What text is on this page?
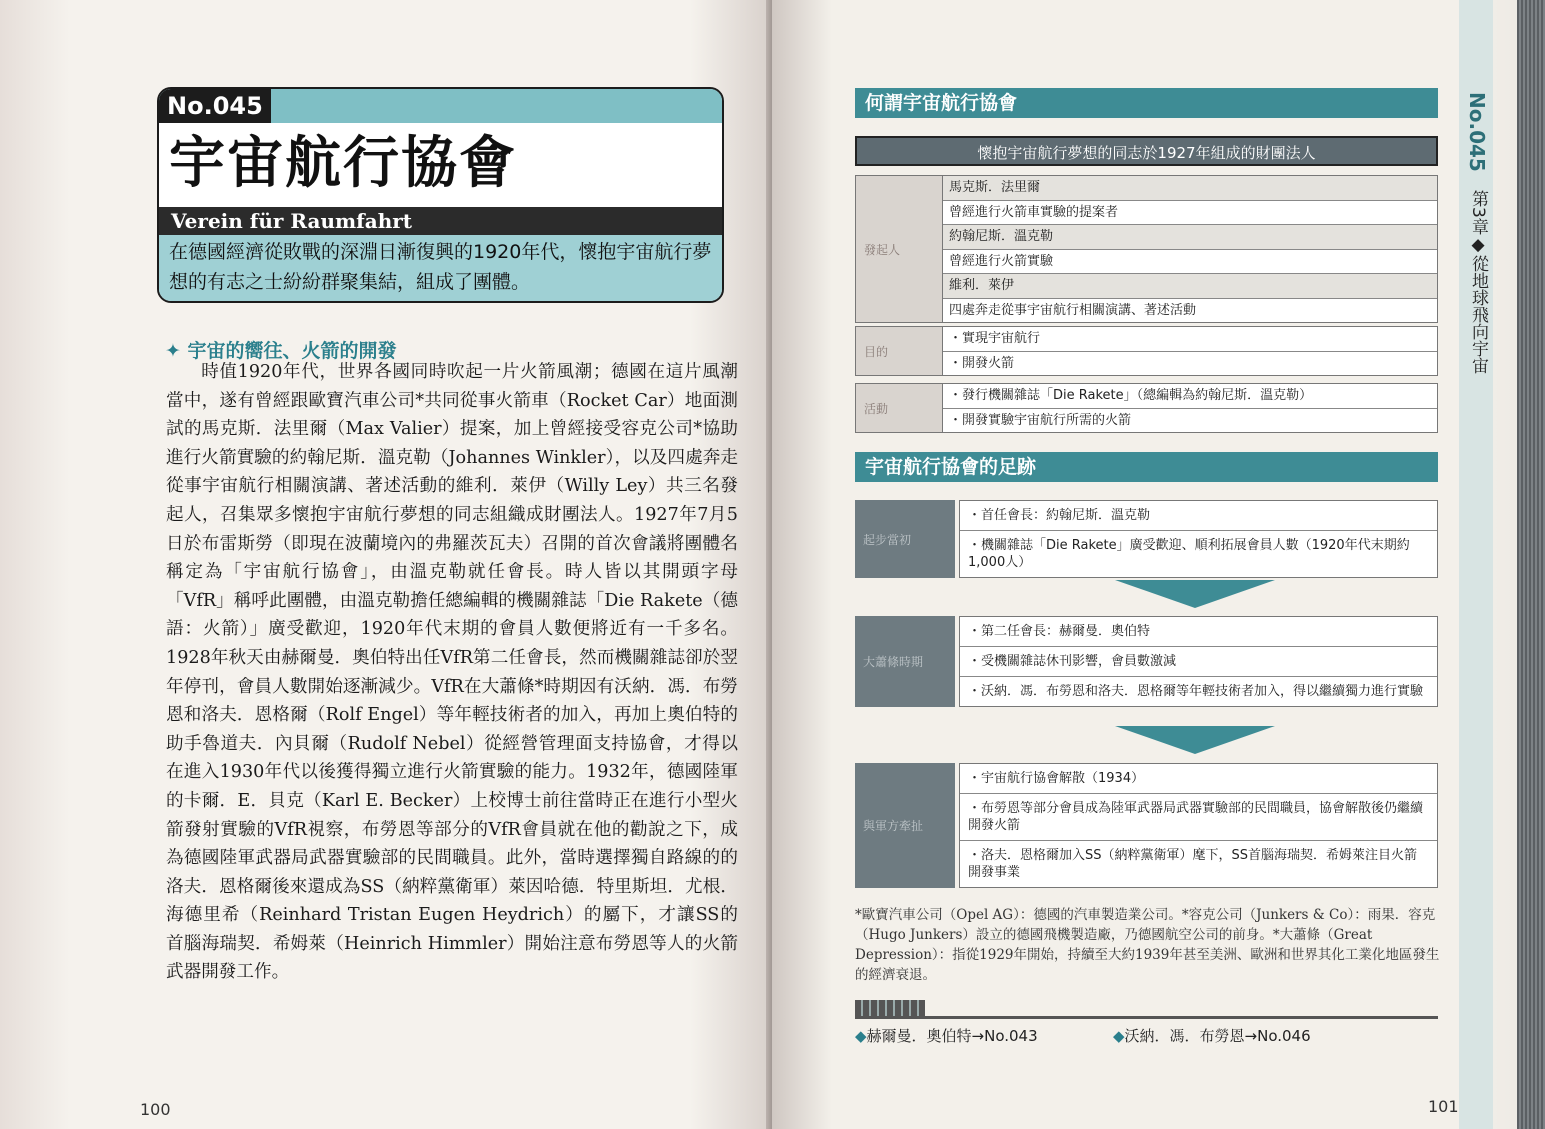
No.045
宇宙航行協會
Verein für Raumfahrt
在德國經濟從敗戰的深淵日漸復興的1920年代，懷抱宇宙航行夢想的有志之士紛紛群聚集結，組成了團體。
✦ 宇宙的嚮往、火箭的開發

時值1920年代，世界各國同時吹起一片火箭風潮；德國在這片風潮當中，遂有曾經跟歐寶汽車公司*共同從事火箭車（Rocket Car）地面測試的馬克斯．法里爾（Max Valier）提案，加上曾經接受容克公司*協助進行火箭實驗的約翰尼斯．溫克勒（Johannes Winkler），以及四處奔走從事宇宙航行相關演講、著述活動的維利．萊伊（Willy Ley）共三名發起人，召集眾多懷抱宇宙航行夢想的同志組織成財團法人。1927年7月5日於布雷斯勞（即現在波蘭境內的弗羅茨瓦夫）召開的首次會議將團體名稱定為「宇宙航行協會」，由溫克勒就任會長。時人皆以其開頭字母「VfR」稱呼此團體，由溫克勒擔任總編輯的機關雜誌「Die Rakete（德語：火箭）」廣受歡迎，1920年代末期的會員人數便將近有一千多名。1928年秋天由赫爾曼．奧伯特出任VfR第二任會長，然而機關雜誌卻於翌年停刊，會員人數開始逐漸減少。VfR在大蕭條*時期因有沃納．馮．布勞恩和洛夫．恩格爾（Rolf Engel）等年輕技術者的加入，再加上奧伯特的助手魯道夫．內貝爾（Rudolf Nebel）從經營管理面支持協會，才得以在進入1930年代以後獲得獨立進行火箭實驗的能力。1932年，德國陸軍的卡爾．E．貝克（Karl E. Becker）上校博士前往當時正在進行小型火箭發射實驗的VfR視察，布勞恩等部分的VfR會員就在他的勸說之下，成為德國陸軍武器局武器實驗部的民間職員。此外，當時選擇獨自路線的的洛夫．恩格爾後來還成為SS（納粹黨衛軍）萊因哈德．特里斯坦．尤根．海德里希（Reinhard Tristan Eugen Heydrich）的屬下，才讓SS的首腦海瑞契．希姆萊（Heinrich Himmler）開始注意布勞恩等人的火箭武器開發工作。

100
No.045
第3章◆從地球飛向宇宙
何謂宇宙航行協會
懷抱宇宙航行夢想的同志於1927年組成的財團法人
發起人
馬克斯．法里爾
曾經進行火箭車實驗的提案者
約翰尼斯．溫克勒
曾經進行火箭實驗
維利．萊伊
四處奔走從事宇宙航行相關演講、著述活動
目的
・實現宇宙航行
・開發火箭
活動
・發行機關雜誌「Die Rakete」（總編輯為約翰尼斯．溫克勒）
・開發實驗宇宙航行所需的火箭
宇宙航行協會的足跡
起步當初
・首任會長：約翰尼斯．溫克勒
・機關雜誌「Die Rakete」廣受歡迎、順利拓展會員人數（1920年代末期約1,000人）
大蕭條時期
・第二任會長：赫爾曼．奧伯特
・受機關雜誌休刊影響，會員數激減
・沃納．馮．布勞恩和洛夫．恩格爾等年輕技術者加入，得以繼續獨力進行實驗
與軍方牽扯
・宇宙航行協會解散（1934）
・布勞恩等部分會員成為陸軍武器局武器實驗部的民間職員，協會解散後仍繼續開發火箭
・洛夫．恩格爾加入SS（納粹黨衛軍）麾下，SS首腦海瑞契．希姆萊注目火箭開發事業
*歐寶汽車公司（Opel AG）：德國的汽車製造業公司。*容克公司（Junkers & Co）：雨果．容克（Hugo Junkers）設立的德國飛機製造廠，乃德國航空公司的前身。*大蕭條（Great Depression）：指從1929年開始，持續至大約1939年甚至美洲、歐洲和世界其化工業化地區發生的經濟衰退。
◆赫爾曼．奧伯特→No.043	◆沃納．馮．布勞恩→No.046
101
